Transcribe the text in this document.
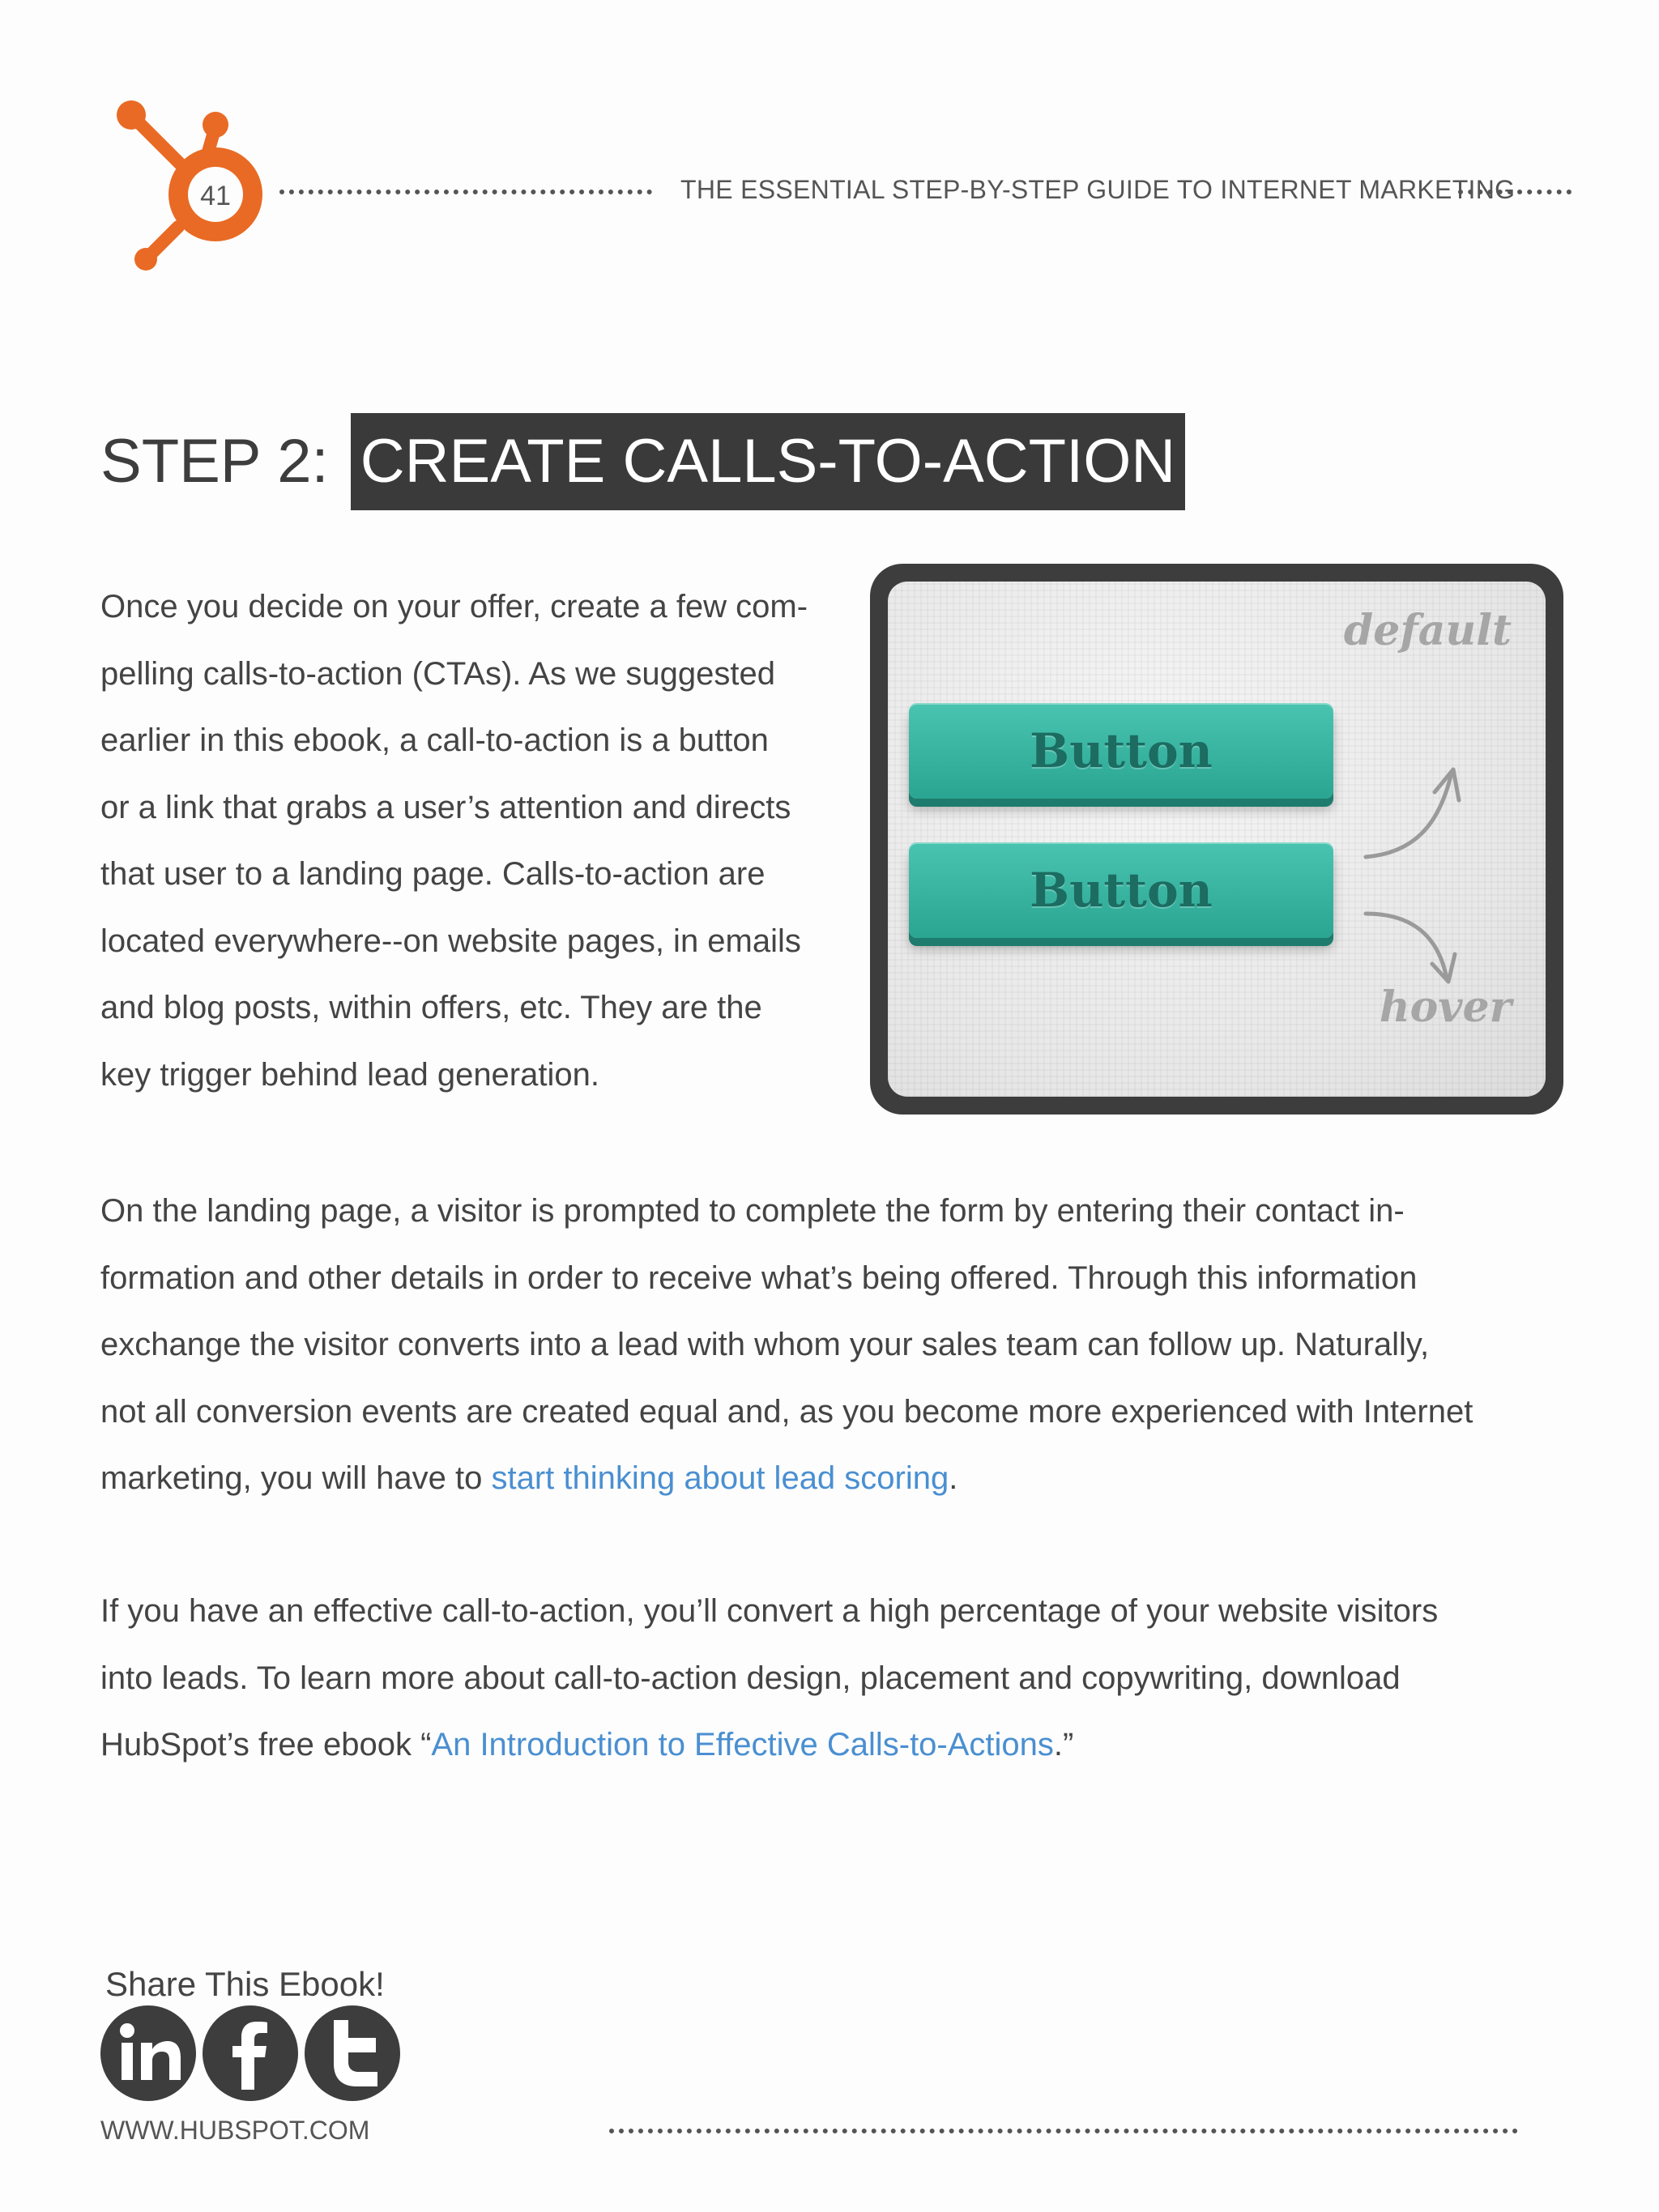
41	THE ESSENTIAL STEP-BY-STEP GUIDE TO INTERNET MARKETING
STEP 2: CREATE CALLS-TO-ACTION
Once you decide on your offer, create a few com-
pelling calls-to-action (CTAs). As we suggested
earlier in this ebook, a call-to-action is a button
or a link that grabs a user’s attention and directs
that user to a landing page. Calls-to-action are
located everywhere--on website pages, in emails
and blog posts, within offers, etc. They are the
key trigger behind lead generation.
Button
Button
default
hover
On the landing page, a visitor is prompted to complete the form by entering their contact in-
formation and other details in order to receive what’s being offered. Through this information
exchange the visitor converts into a lead with whom your sales team can follow up. Naturally,
not all conversion events are created equal and, as you become more experienced with Internet
marketing, you will have to start thinking about lead scoring.
If you have an effective call-to-action, you’ll convert a high percentage of your website visitors
into leads. To learn more about call-to-action design, placement and copywriting, download
HubSpot’s free ebook “An Introduction to Effective Calls-to-Actions.”
Share This Ebook!
WWW.HUBSPOT.COM
